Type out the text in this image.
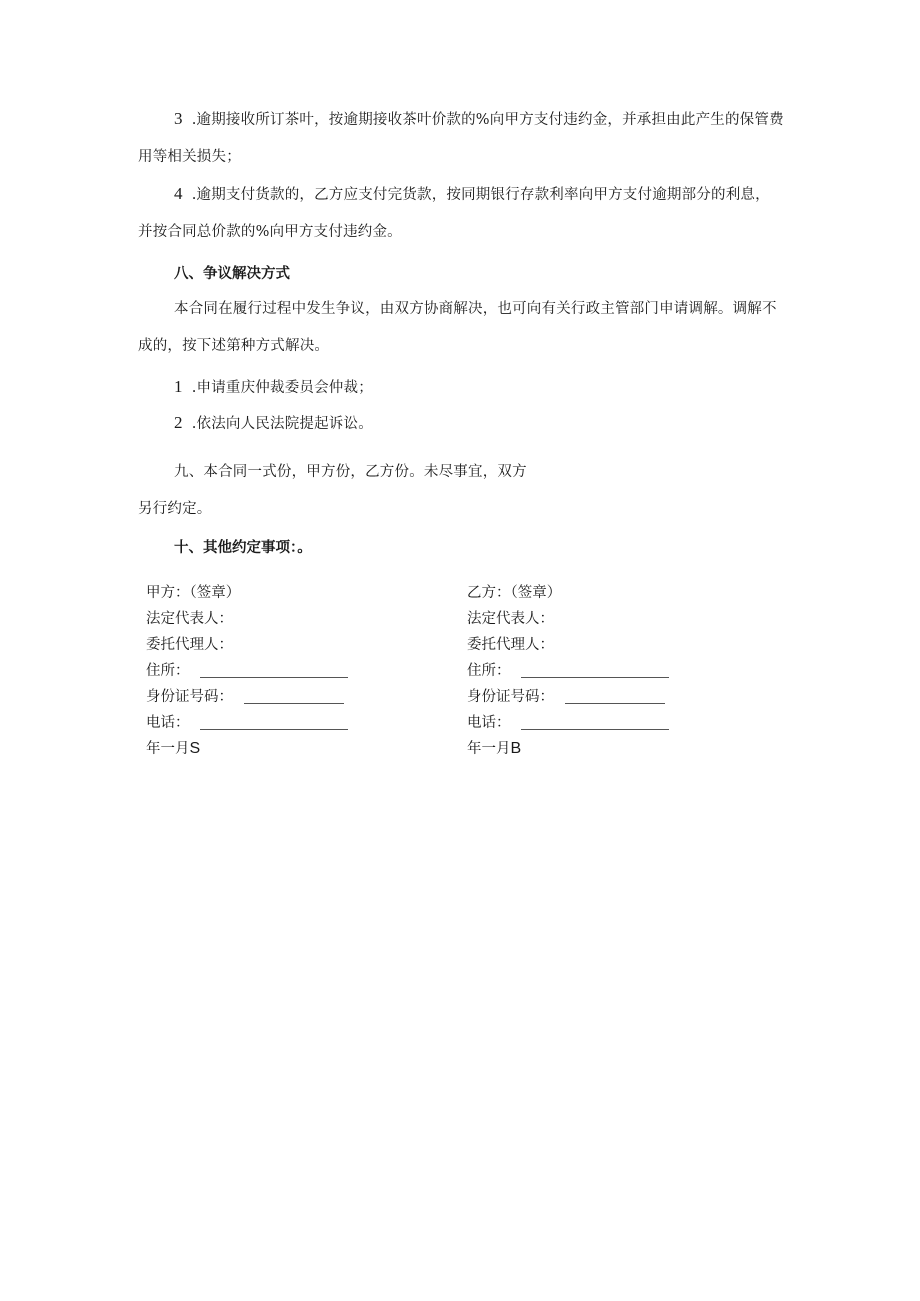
3 .逾期接收所订茶叶，按逾期接收茶叶价款的%向甲方支付违约金，并承担由此产生的保管费用等相关损失；
4 .逾期支付货款的，乙方应支付完货款，按同期银行存款利率向甲方支付逾期部分的利息，并按合同总价款的%向甲方支付违约金。
八、争议解决方式
本合同在履行过程中发生争议，由双方协商解决，也可向有关行政主管部门申请调解。调解不成的，按下述第种方式解决。
1 .申请重庆仲裁委员会仲裁；
2 .依法向人民法院提起诉讼。
九、本合同一式份，甲方份，乙方份。未尽事宜，双方
另行约定。
十、其他约定事项：。
甲方：（签章）
法定代表人：
委托代理人：
住所：
身份证号码：
电话：
年一月S
乙方：（签章）
法定代表人：
委托代理人：
住所：
身份证号码：
电话：
年一月B
